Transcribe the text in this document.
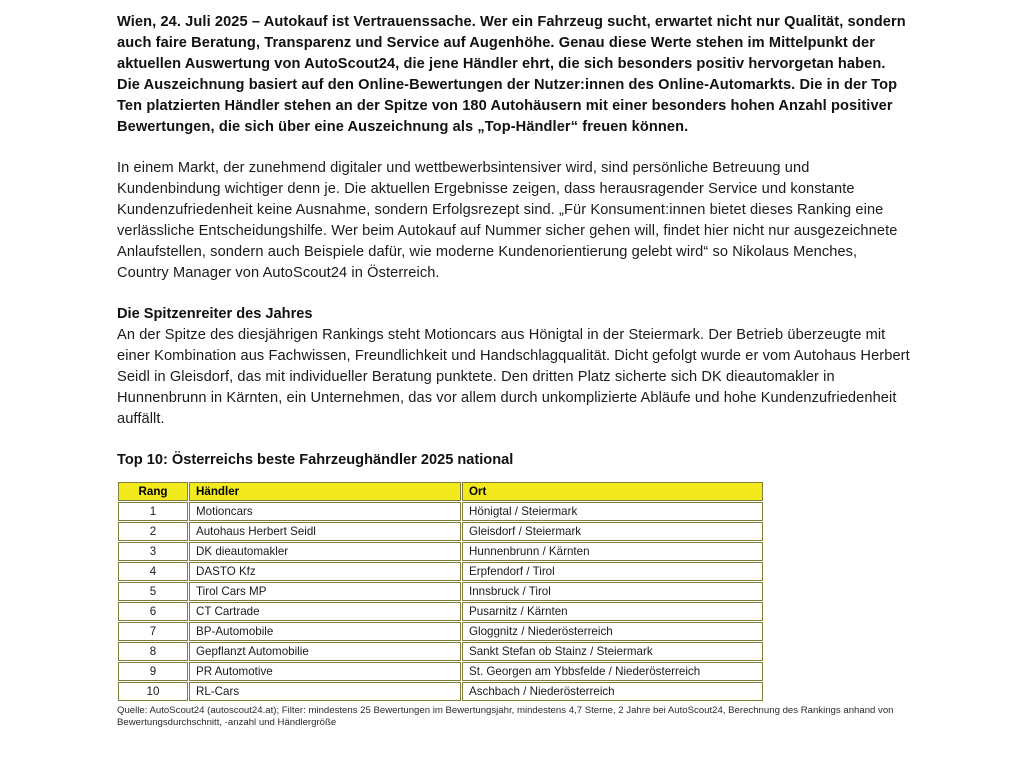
Wien, 24. Juli 2025 – Autokauf ist Vertrauenssache. Wer ein Fahrzeug sucht, erwartet nicht nur Qualität, sondern auch faire Beratung, Transparenz und Service auf Augenhöhe. Genau diese Werte stehen im Mittelpunkt der aktuellen Auswertung von AutoScout24, die jene Händler ehrt, die sich besonders positiv hervorgetan haben. Die Auszeichnung basiert auf den Online-Bewertungen der Nutzer:innen des Online-Automarkts. Die in der Top Ten platzierten Händler stehen an der Spitze von 180 Autohäusern mit einer besonders hohen Anzahl positiver Bewertungen, die sich über eine Auszeichnung als „Top-Händler“ freuen können.

In einem Markt, der zunehmend digitaler und wettbewerbsintensiver wird, sind persönliche Betreuung und Kundenbindung wichtiger denn je. Die aktuellen Ergebnisse zeigen, dass herausragender Service und konstante Kundenzufriedenheit keine Ausnahme, sondern Erfolgsrezept sind. „Für Konsument:innen bietet dieses Ranking eine verlässliche Entscheidungshilfe. Wer beim Autokauf auf Nummer sicher gehen will, findet hier nicht nur ausgezeichnete Anlaufstellen, sondern auch Beispiele dafür, wie moderne Kundenorientierung gelebt wird“ so Nikolaus Menches, Country Manager von AutoScout24 in Österreich.

Die Spitzenreiter des Jahres

An der Spitze des diesjährigen Rankings steht Motioncars aus Hönigtal in der Steiermark. Der Betrieb überzeugte mit einer Kombination aus Fachwissen, Freundlichkeit und Handschlagqualität. Dicht gefolgt wurde er vom Autohaus Herbert Seidl in Gleisdorf, das mit individueller Beratung punktete. Den dritten Platz sicherte sich DK dieautomakler in Hunnenbrunn in Kärnten, ein Unternehmen, das vor allem durch unkomplizierte Abläufe und hohe Kundenzufriedenheit auffällt.

Top 10: Österreichs beste Fahrzeughändler 2025 national
Rang	Händler	Ort
1	Motioncars	Hönigtal / Steiermark
2	Autohaus Herbert Seidl	Gleisdorf / Steiermark
3	DK dieautomakler	Hunnenbrunn / Kärnten
4	DASTO Kfz	Erpfendorf / Tirol
5	Tirol Cars MP	Innsbruck / Tirol
6	CT Cartrade	Pusarnitz / Kärnten
7	BP-Automobile	Gloggnitz / Niederösterreich
8	Gepflanzt Automobilie	Sankt Stefan ob Stainz / Steiermark
9	PR Automotive	St. Georgen am Ybbsfelde / Niederösterreich
10	RL-Cars	Aschbach / Niederösterreich

Quelle: AutoScout24 (autoscout24.at); Filter: mindestens 25 Bewertungen im Bewertungsjahr, mindestens 4,7 Sterne, 2 Jahre bei AutoScout24, Berechnung des Rankings anhand von Bewertungsdurchschnitt, -anzahl und Händlergröße
